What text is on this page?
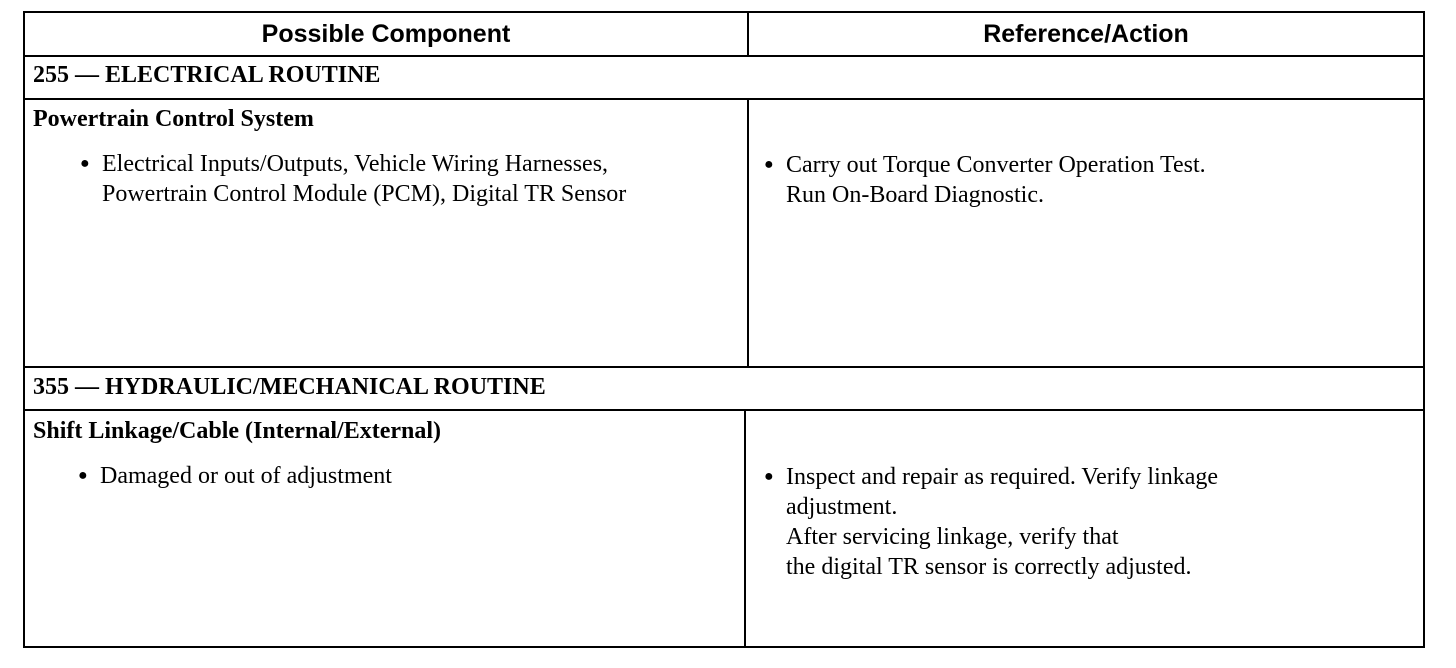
Possible Component	Reference/Action
255 — ELECTRICAL ROUTINE
Powertrain Control System
● Electrical Inputs/Outputs, Vehicle Wiring Harnesses,
Powertrain Control Module (PCM), Digital TR Sensor
● Carry out Torque Converter Operation Test.
Run On-Board Diagnostic.
355 — HYDRAULIC/MECHANICAL ROUTINE
Shift Linkage/Cable (Internal/External)
● Damaged or out of adjustment	● Inspect and repair as required. Verify linkage
adjustment.
After servicing linkage, verify that
the digital TR sensor is correctly adjusted.
